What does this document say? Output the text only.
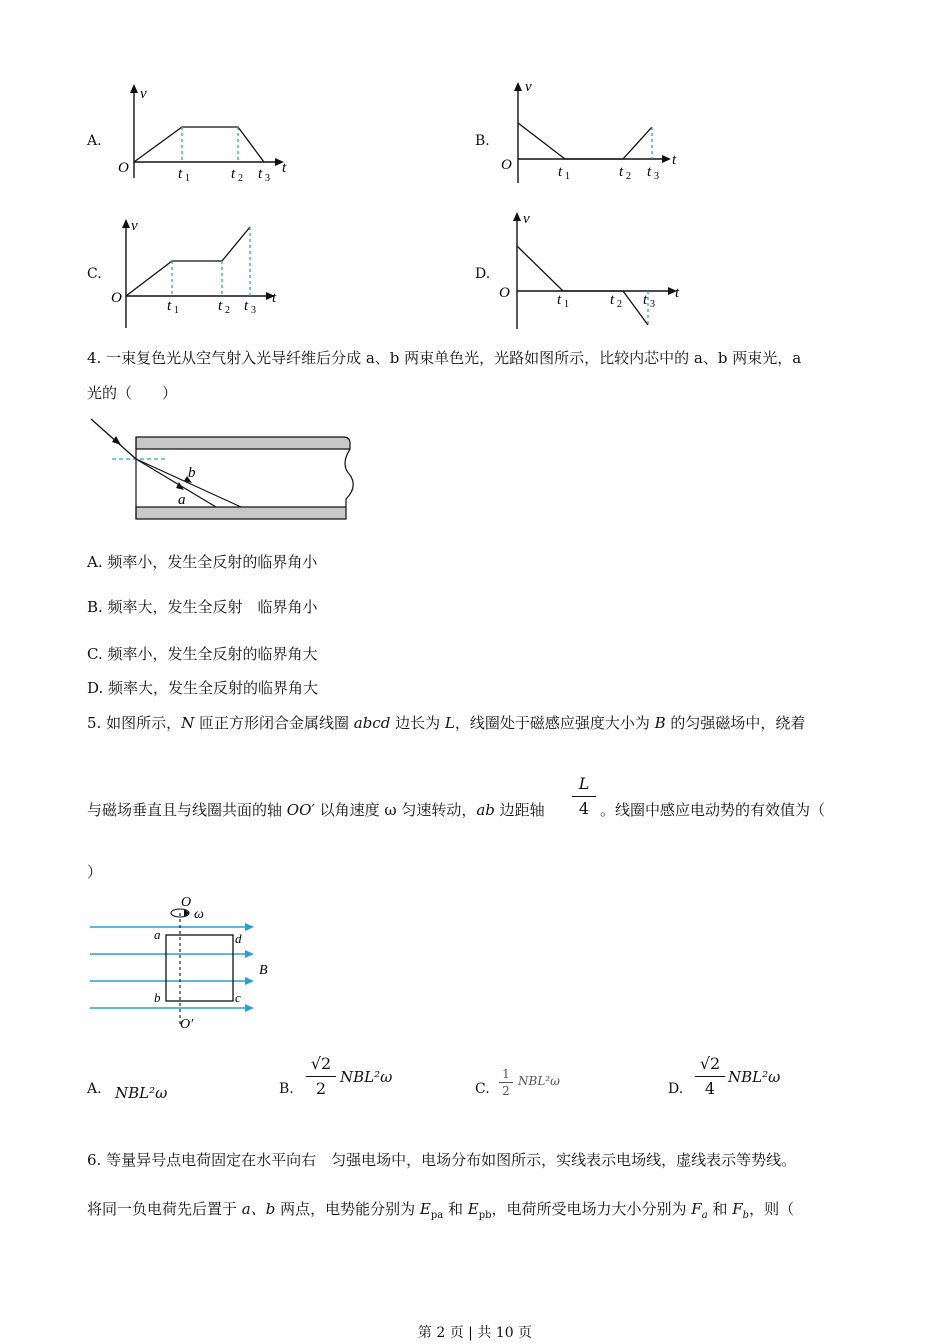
A.
v
O	t
t 1	t 2 t 3
B.
v
O	t
t 1	t 2 t 3
C.
v
O	t
t 1	t 2 t 3
D.
v
O	t
t 1	t 2 t 3
4. 一束复色光从空气射入光导纤维后分成 a、b 两束单色光，光路如图所示，比较内芯中的 a、b 两束光，a
光的（　　）
b
a
A. 频率小，发生全反射的临界角小
B. 频率大，发生全反射　临界角小
C. 频率小，发生全反射的临界角大
D. 频率大，发生全反射的临界角大
5. 如图所示，N 匝正方形闭合金属线圈 abcd 边长为 L，线圈处于磁感应强度大小为 B 的匀强磁场中，绕着
与磁场垂直且与线圈共面的轴 OO′ 以角速度 ω 匀速转动，ab 边距轴 $\frac{L}{4}$ 。线圈中感应电动势的有效值为（
）
O
ω
a	d
b	c
B
O′
A. NBL²ω	B. $\frac{√2}{2} NBL^2\omega$
C. $\frac{1}{2} NBL^2\omega$	D. $\frac{√2}{4} NBL^2\omega$
6. 等量异号点电荷固定在水平向右　匀强电场中，电场分布如图所示，实线表示电场线，虚线表示等势线。
将同一负电荷先后置于 a、b 两点，电势能分别为 $E_{pa}$ 和 $E_{pb}$，电荷所受电场力大小分别为 $F_a$ 和 $F_b$，则（
第 2 页 | 共 10 页
